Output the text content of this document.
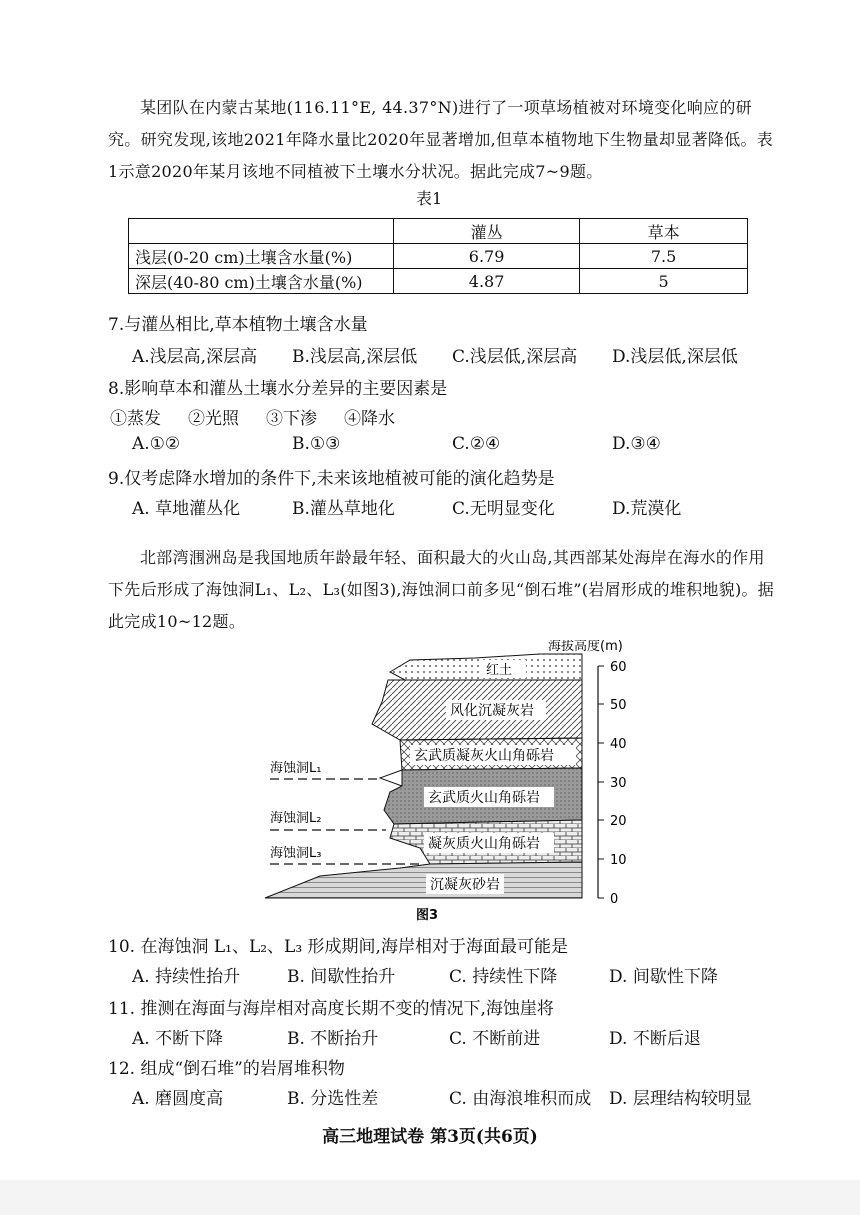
某团队在内蒙古某地(116.11°E, 44.37°N)进行了一项草场植被对环境变化响应的研究。研究发现,该地2021年降水量比2020年显著增加,但草本植物地下生物量却显著降低。表1示意2020年某月该地不同植被下土壤水分状况。据此完成7~9题。
表1
	灌丛	草本
浅层(0-20 cm)土壤含水量(%)	6.79	7.5
深层(40-80 cm)土壤含水量(%)	4.87	5
7.与灌丛相比,草本植物土壤含水量
A.浅层高,深层高	B.浅层高,深层低	C.浅层低,深层高	D.浅层低,深层低
8.影响草本和灌丛土壤水分差异的主要因素是
①蒸发	②光照	③下渗	④降水
A.①②	B.①③	C.②④	D.③④
9.仅考虑降水增加的条件下,未来该地植被可能的演化趋势是
A. 草地灌丛化	B.灌丛草地化	C.无明显变化	D.荒漠化
北部湾涠洲岛是我国地质年龄最年轻、面积最大的火山岛,其西部某处海岸在海水的作用下先后形成了海蚀洞L₁、L₂、L₃(如图3),海蚀洞口前多见“倒石堆”(岩屑形成的堆积地貌)。据此完成10~12题。
海拔高度(m)
60
50
40
30
20
10
0
红土
风化沉凝灰岩
玄武质凝灰火山角砾岩
玄武质火山角砾岩
凝灰质火山角砾岩
沉凝灰砂岩
海蚀洞L₁
海蚀洞L₂
海蚀洞L₃
图3
10. 在海蚀洞 L₁、L₂、L₃ 形成期间,海岸相对于海面最可能是
A. 持续性抬升	B. 间歇性抬升	C. 持续性下降	D. 间歇性下降
11. 推测在海面与海岸相对高度长期不变的情况下,海蚀崖将
A. 不断下降	B. 不断抬升	C. 不断前进	D. 不断后退
12. 组成“倒石堆”的岩屑堆积物
A. 磨圆度高	B. 分选性差	C. 由海浪堆积而成	D. 层理结构较明显
高三地理试卷 第3页(共6页)
